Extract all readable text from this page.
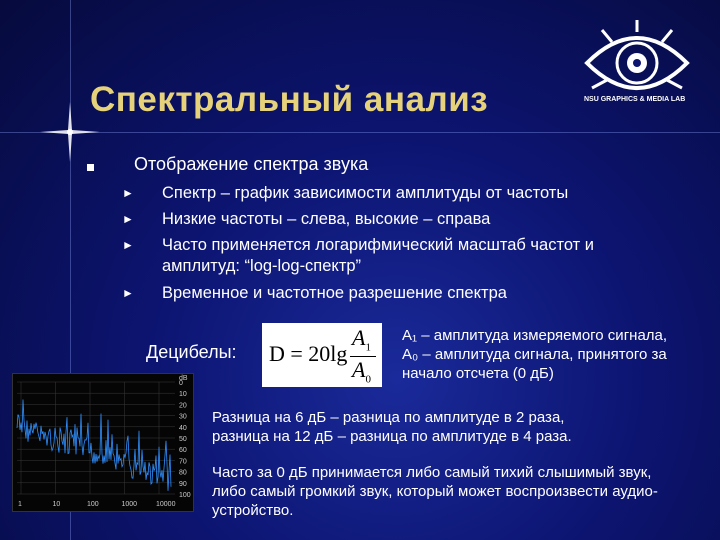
Спектральный анализ	NSU GRAPHICS & MEDIA LAB
Отображение спектра звука
► Спектр – график зависимости амплитуды от частоты
► Низкие частоты – слева, высокие – справа
► Часто применяется логарифмический масштаб частот и
амплитуд: “log-log-спектр”
► Временное и частотное разрешение спектра
Децибелы: D = 20lg
$A_1$
$A_0$
A₁ – амплитуда измеряемого сигнала,
A₀ – амплитуда сигнала, принятого за
начало отсчета (0 дБ)
Разница на 6 дБ – разница по амплитуде в 2 раза,
разница на 12 дБ – разница по амплитуде в 4 раза.
Часто за 0 дБ принимается либо самый тихий слышимый звук,
либо самый громкий звук, который может воспроизвести аудио-
устройство.
0
10
20
30
40
50
60
70
80
90
100
dB
1	10	100	1000	10000
